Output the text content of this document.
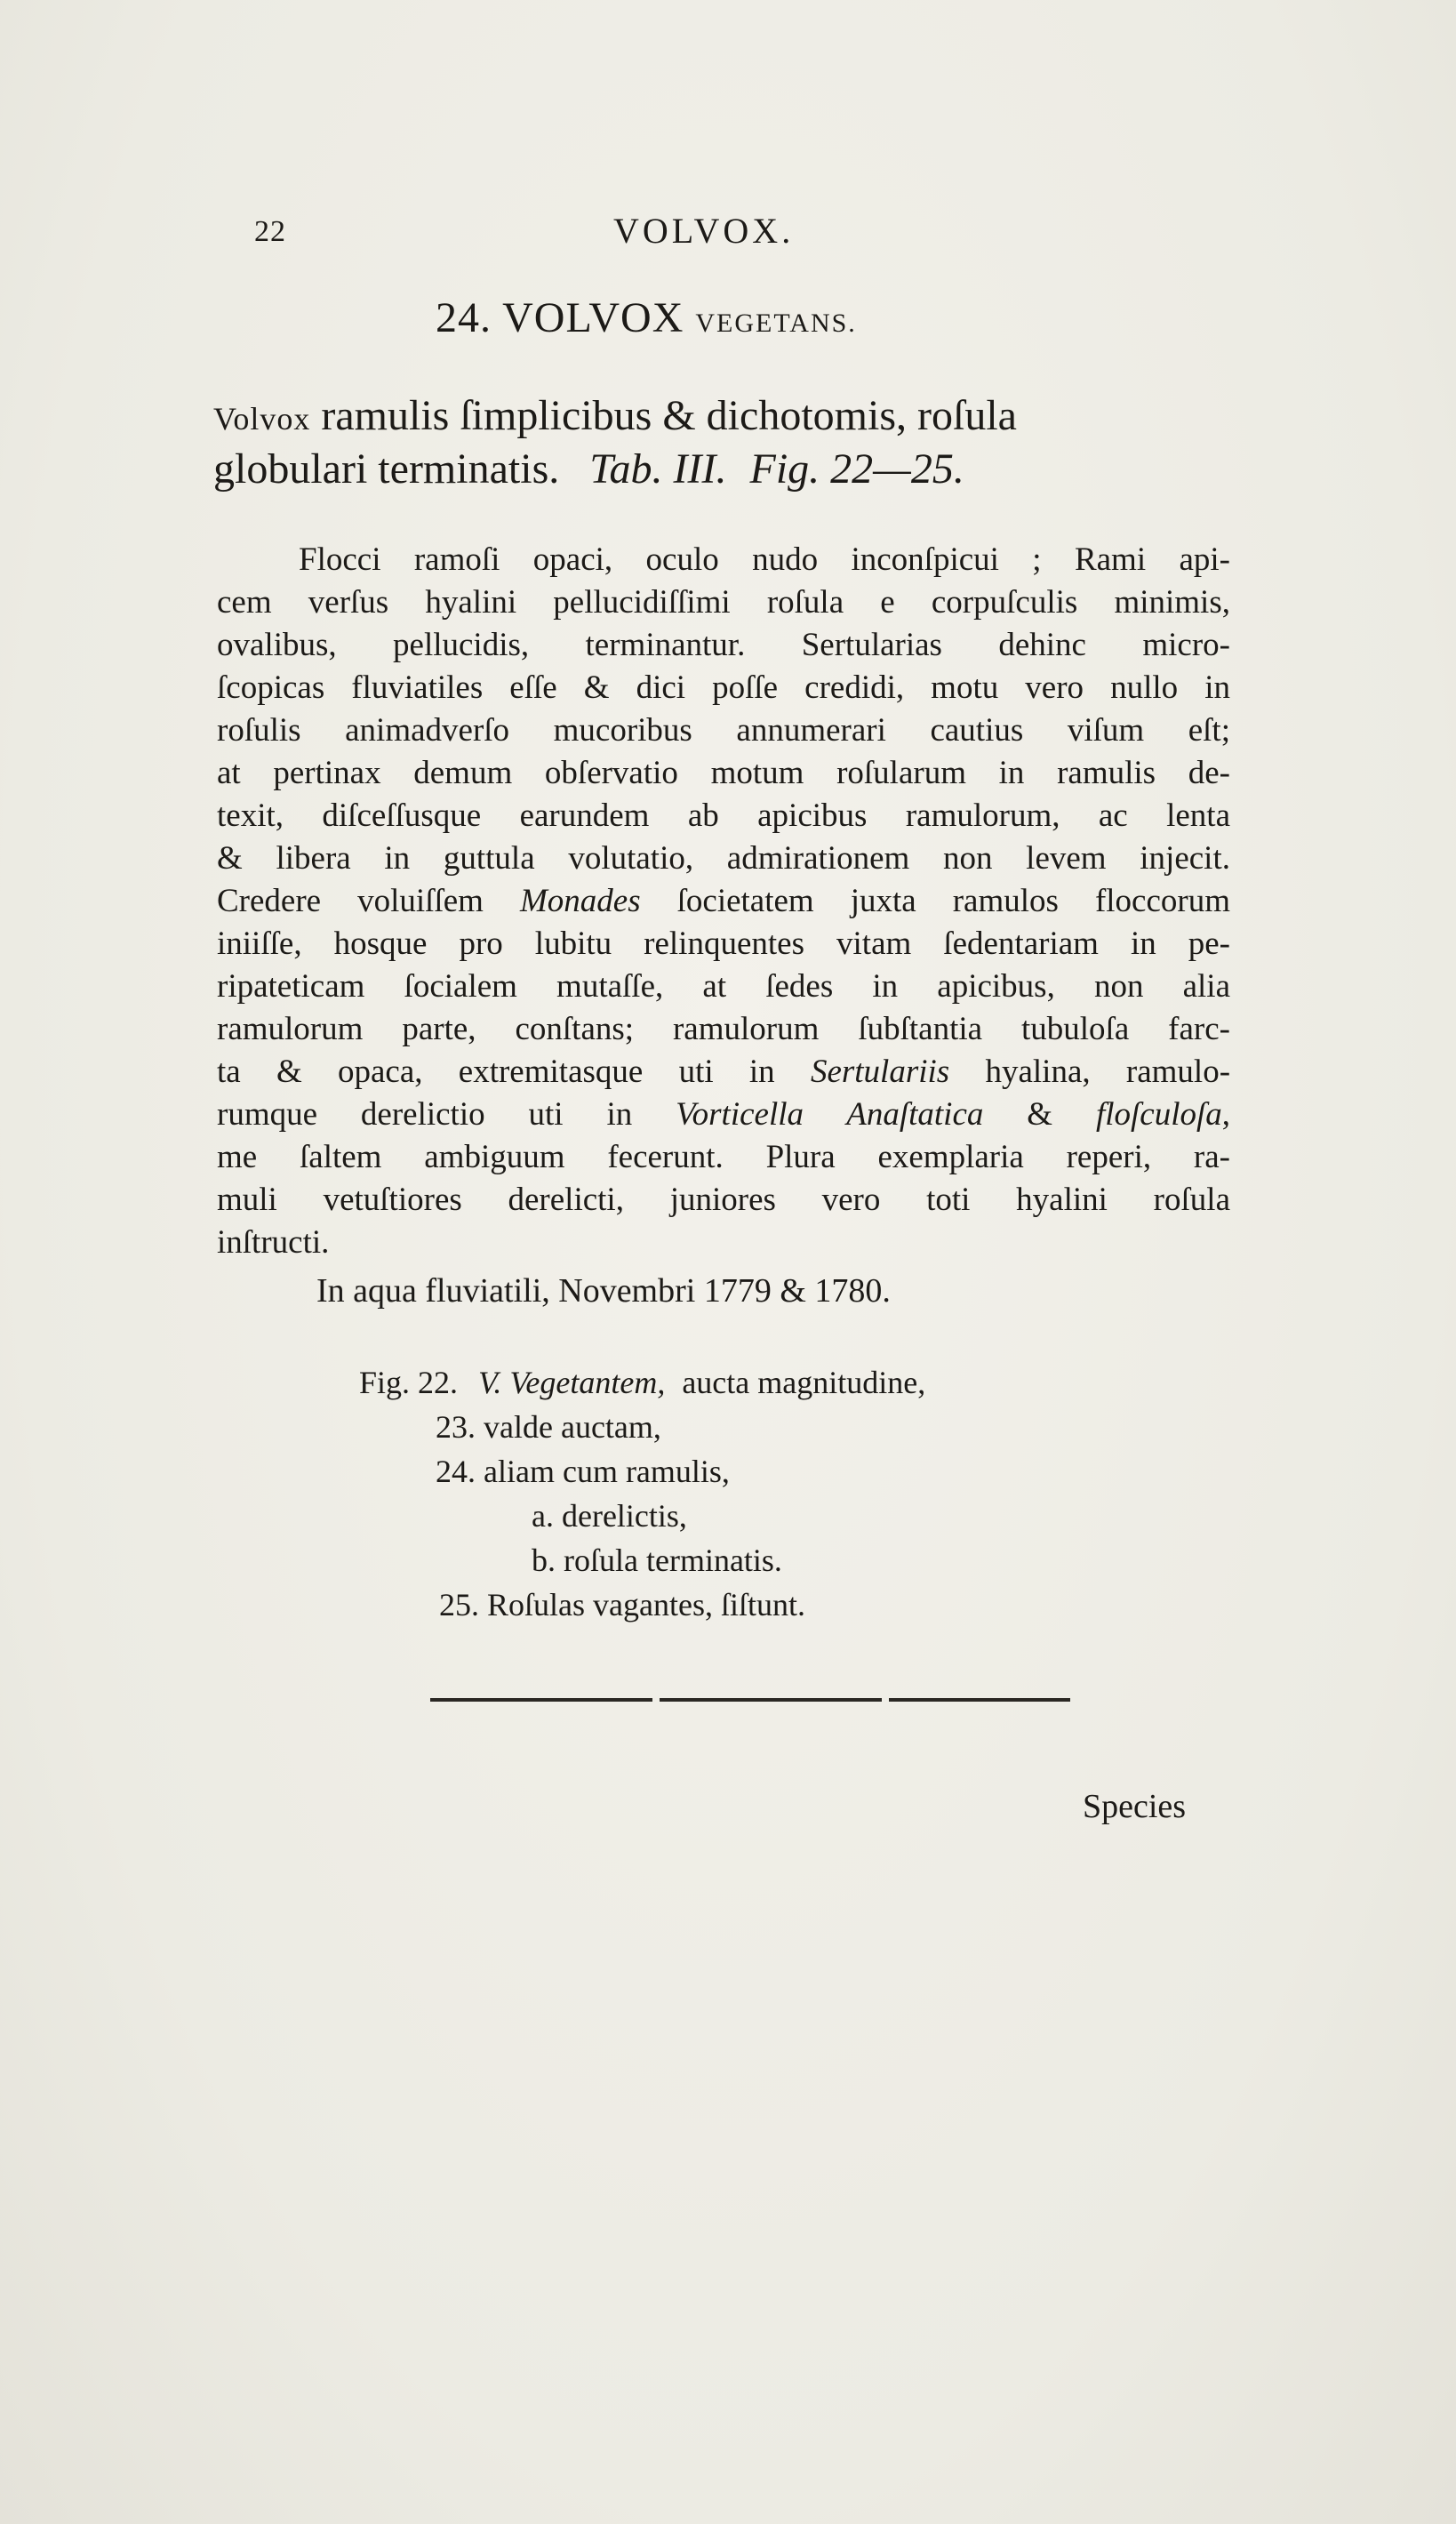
22	VOLVOX.
24. VOLVOX VEGETANS.
Volvox ramulis ſimplicibus & dichotomis, roſula
globulari terminatis. Tab. III. Fig. 22—25.
Flocci ramoſi opaci, oculo nudo inconſpicui ; Rami api-
cem verſus hyalini pellucidiſſimi roſula e corpuſculis minimis,
ovalibus, pellucidis, terminantur. Sertularias dehinc micro-
ſcopicas fluviatiles eſſe & dici poſſe credidi, motu vero nullo in
roſulis animadverſo mucoribus annumerari cautius viſum eſt;
at pertinax demum obſervatio motum roſularum in ramulis de-
texit, diſceſſusque earundem ab apicibus ramulorum, ac lenta
& libera in guttula volutatio, admirationem non levem injecit.
Credere voluiſſem Monades ſocietatem juxta ramulos floccorum
iniiſſe, hosque pro lubitu relinquentes vitam ſedentariam in pe-
ripateticam ſocialem mutaſſe, at ſedes in apicibus, non alia
ramulorum parte, conſtans; ramulorum ſubſtantia tubuloſa farc-
ta & opaca, extremitasque uti in Sertulariis hyalina, ramulo-
rumque derelictio uti in Vorticella Anaſtatica & floſculoſa,
me ſaltem ambiguum fecerunt. Plura exemplaria reperi, ra-
muli vetuſtiores derelicti, juniores vero toti hyalini roſula
inſtructi.
In aqua fluviatili, Novembri 1779 & 1780.
Fig. 22. V. Vegetantem, aucta magnitudine,
23. valde auctam,
24. aliam cum ramulis,
a. derelictis,
b. roſula terminatis.
25. Roſulas vagantes, ſiſtunt.
Species
